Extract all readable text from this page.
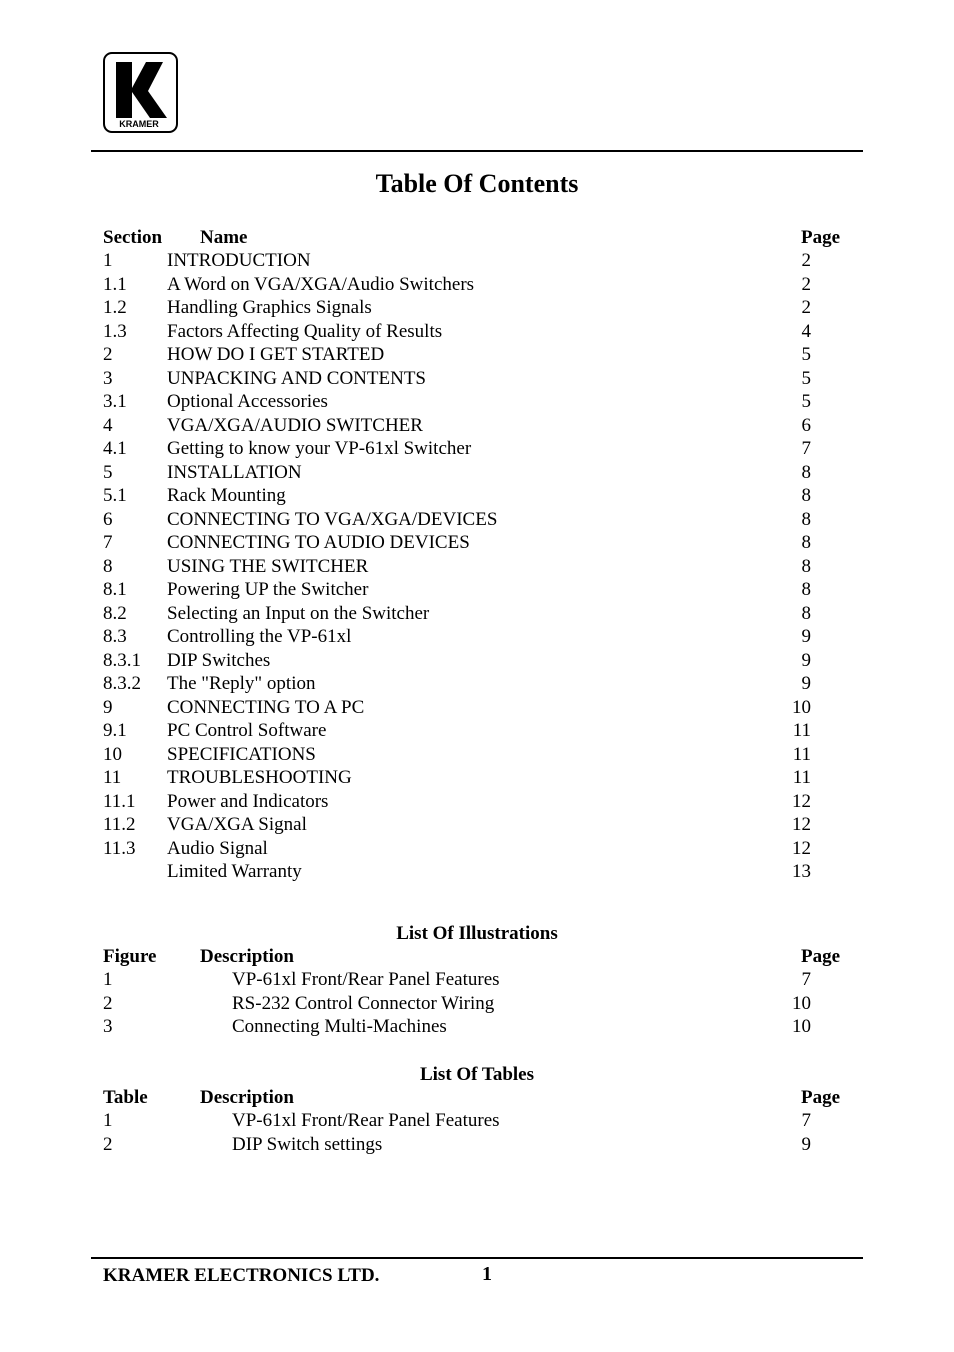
KRAMER
Table Of Contents
Section Name	Page
1	INTRODUCTION	2
1.1 A Word on VGA/XGA/Audio Switchers	2
1.2 Handling Graphics Signals	2
1.3 Factors Affecting Quality of Results	4
2	HOW DO I GET STARTED	5
3	UNPACKING AND CONTENTS	5
3.1 Optional Accessories	5
4	VGA/XGA/AUDIO SWITCHER	6
4.1 Getting to know your VP-61xl Switcher	7
5	INSTALLATION	8
5.1 Rack Mounting	8
6	CONNECTING TO VGA/XGA/DEVICES	8
7	CONNECTING TO AUDIO DEVICES	8
8	USING THE SWITCHER	8
8.1 Powering UP the Switcher	8
8.2 Selecting an Input on the Switcher	8
8.3 Controlling the VP-61xl	9
8.3.1 DIP Switches	9
8.3.2 The "Reply" option	9
9	CONNECTING TO A PC	10
9.1 PC Control Software	11
10 SPECIFICATIONS	11
11 TROUBLESHOOTING	11
11.1 Power and Indicators	12
11.2 VGA/XGA Signal	12
11.3 Audio Signal	12
Limited Warranty	13
List Of Illustrations
Figure Description	Page
1	VP-61xl Front/Rear Panel Features	7
2	RS-232 Control Connector Wiring	10
3	Connecting Multi-Machines	10
List Of Tables
Table	Description	Page
1	VP-61xl Front/Rear Panel Features	7
2	DIP Switch settings	9
KRAMER ELECTRONICS LTD.	1
